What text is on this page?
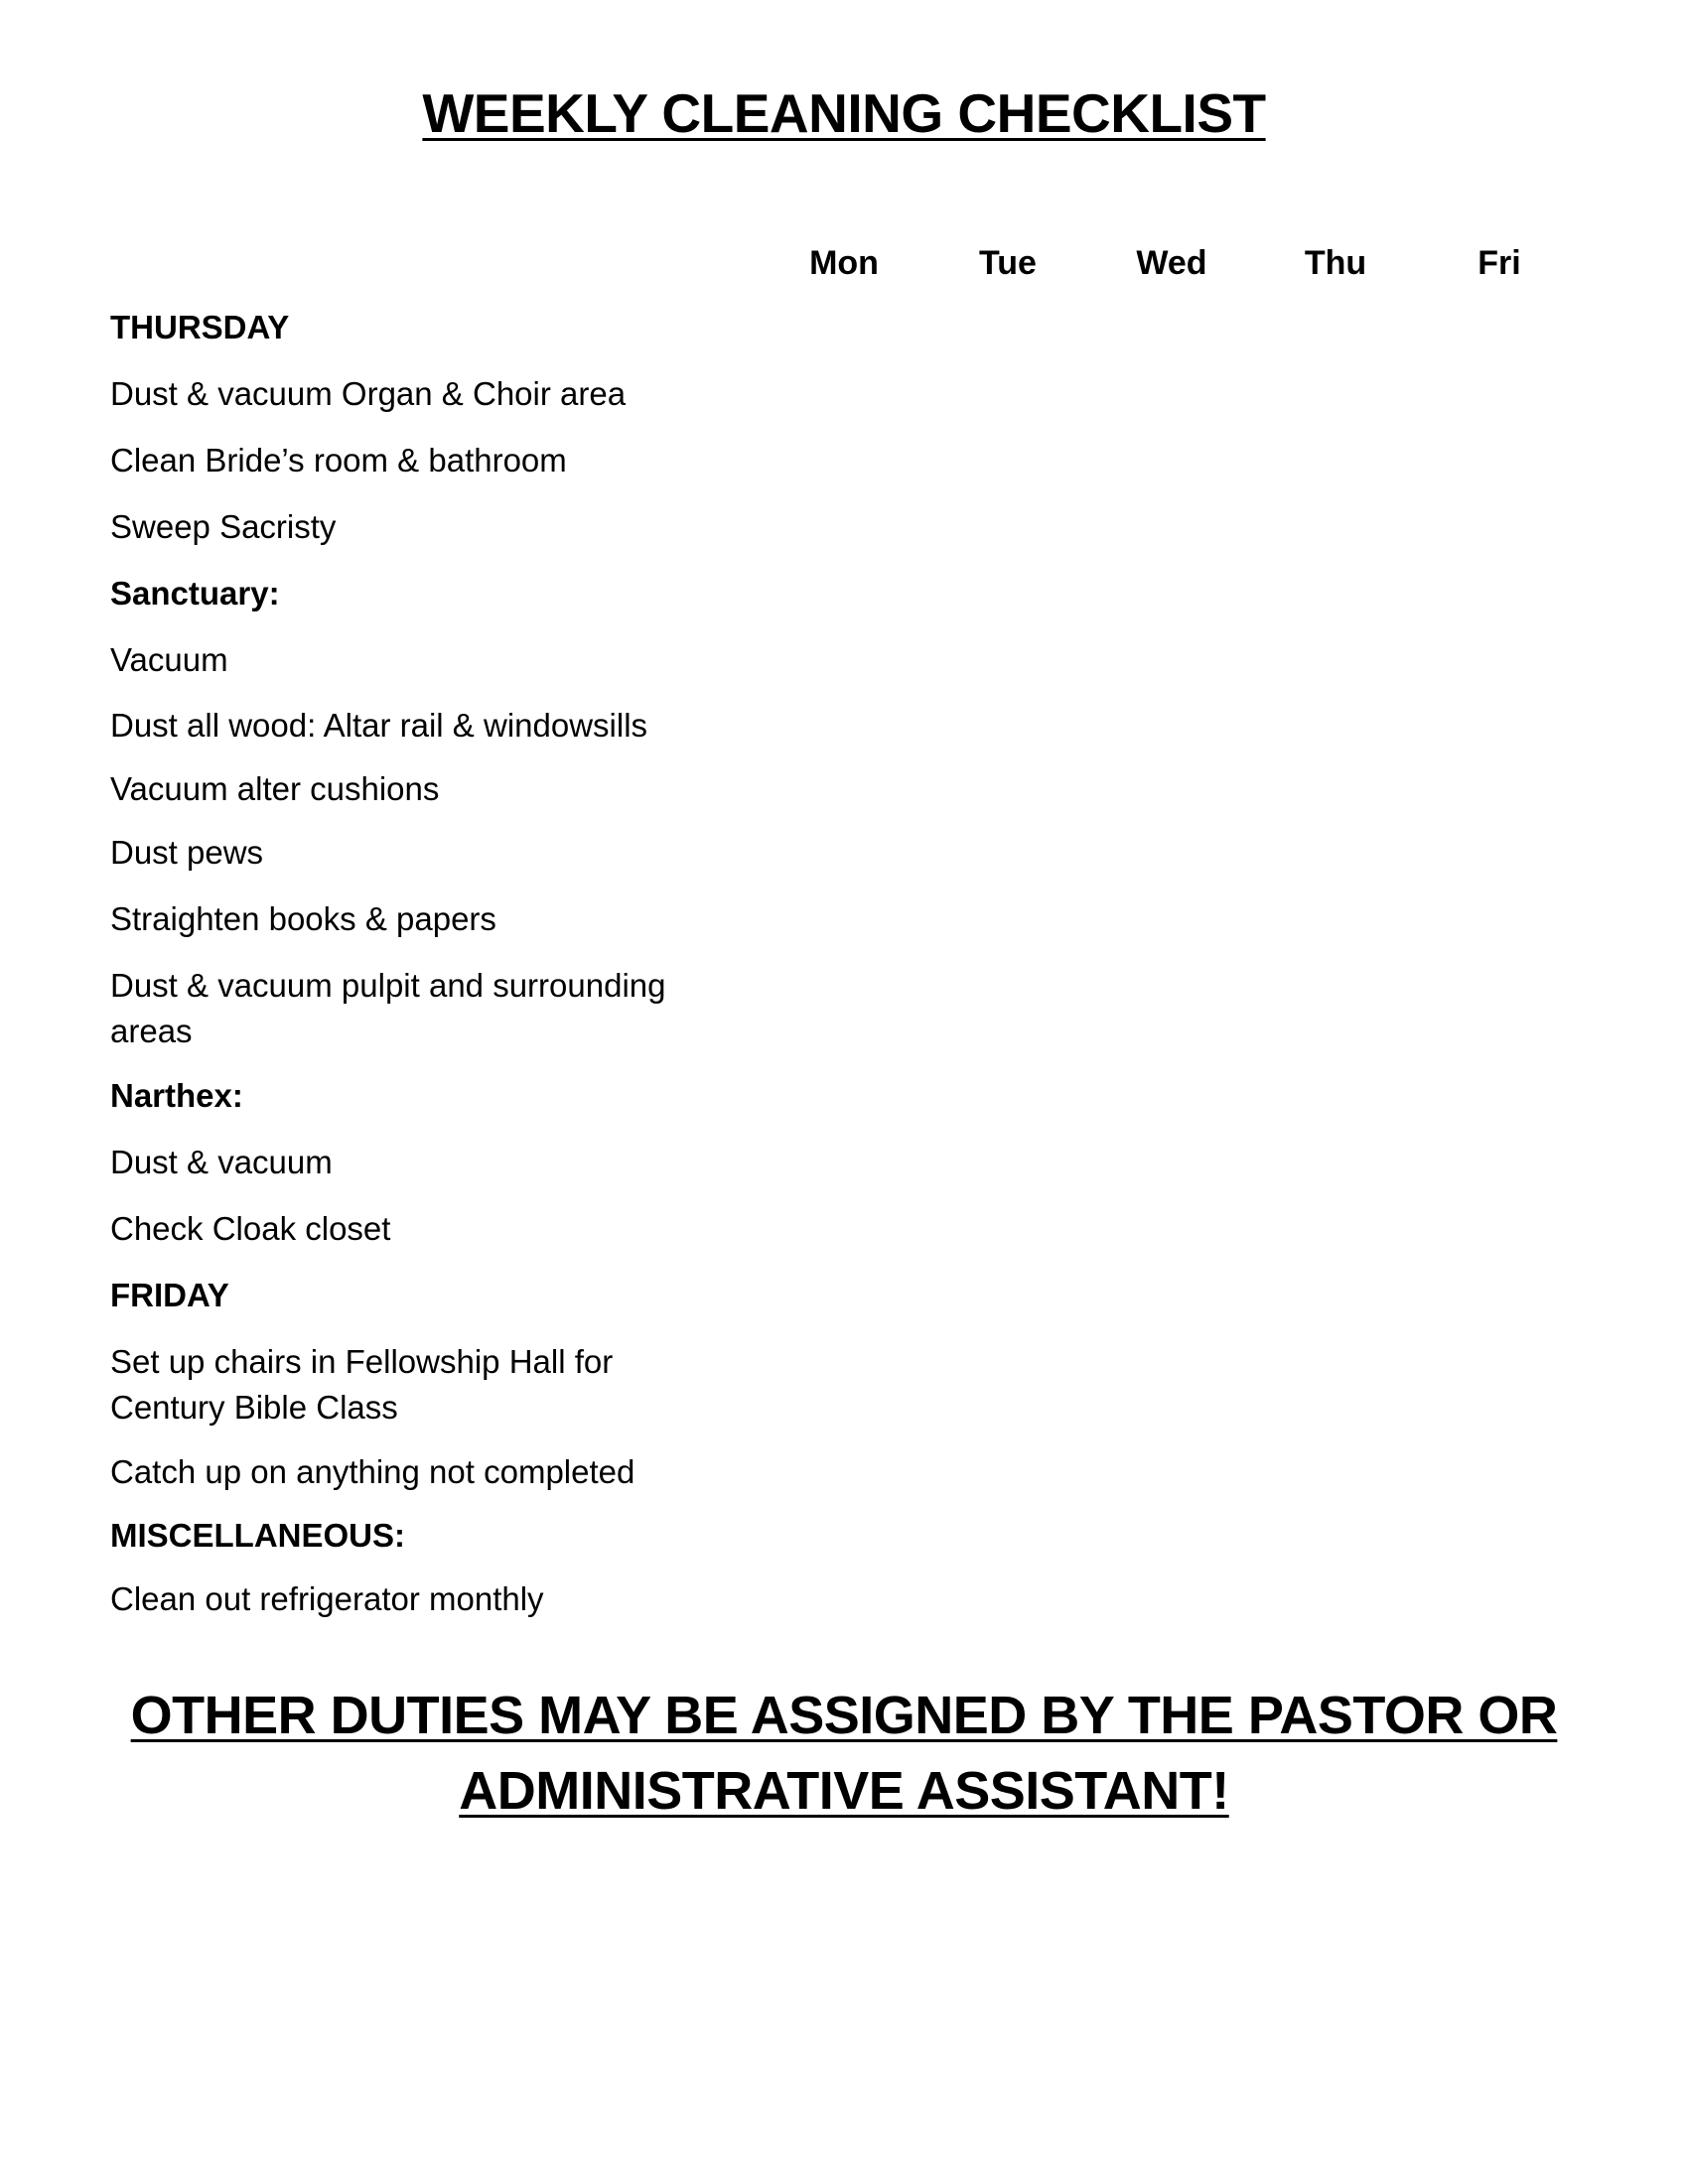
WEEKLY CLEANING CHECKLIST
Mon	Tue	Wed	Thu	Fri
THURSDAY
Dust & vacuum Organ & Choir area
Clean Bride’s room & bathroom
Sweep Sacristy
Sanctuary:
Vacuum
Dust all wood: Altar rail & windowsills
Vacuum alter cushions
Dust pews
Straighten books & papers
Dust & vacuum pulpit and surrounding areas
Narthex:
Dust & vacuum
Check Cloak closet
FRIDAY
Set up chairs in Fellowship Hall for Century Bible Class
Catch up on anything not completed
MISCELLANEOUS:
Clean out refrigerator monthly
OTHER DUTIES MAY BE ASSIGNED BY THE PASTOR OR
ADMINISTRATIVE ASSISTANT!
